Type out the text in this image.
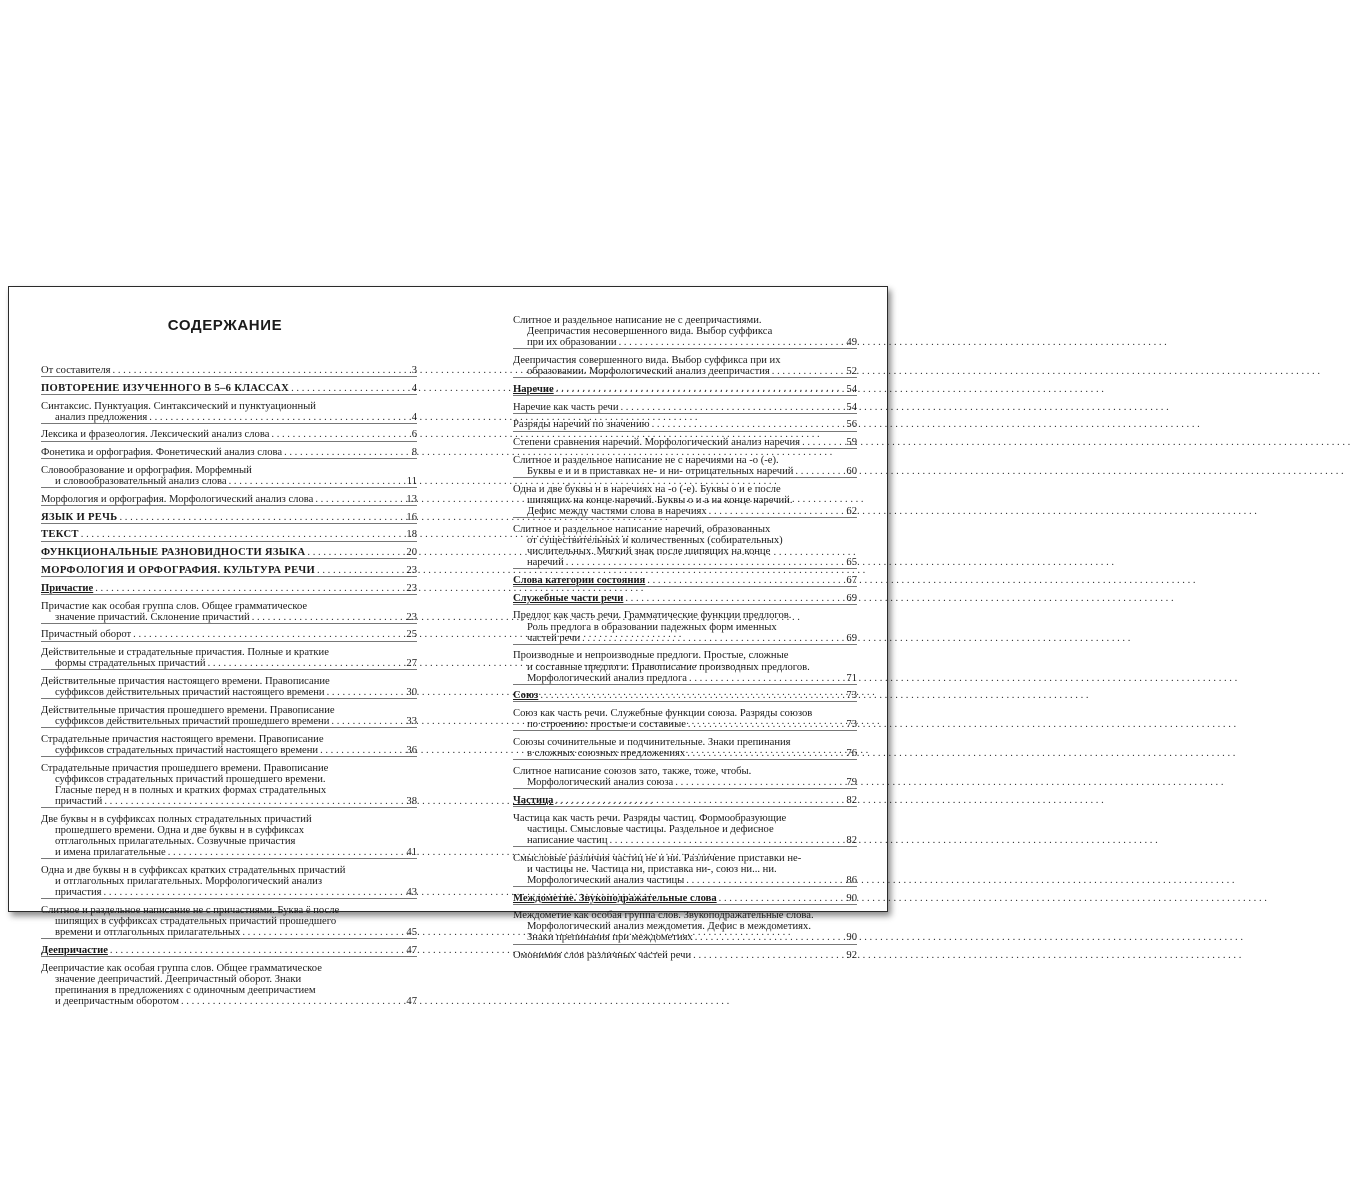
СОДЕРЖАНИЕ
От составителя . . .	3
ПОВТОРЕНИЕ ИЗУЧЕННОГО В 5–6 КЛАССАХ . . .	4
Синтаксис. Пунктуация. Синтаксический и пунктуационный
анализ предложения . . .	4
Лексика и фразеология. Лексический анализ слова . . .	6
Фонетика и орфография. Фонетический анализ слова . . .	8
Словообразование и орфография. Морфемный
и словообразовательный анализ слова . . .	11
Морфология и орфография. Морфологический анализ слова . . .	13
ЯЗЫК И РЕЧЬ . . .	16
ТЕКСТ . . .	18
ФУНКЦИОНАЛЬНЫЕ РАЗНОВИДНОСТИ ЯЗЫКА . . .	20
МОРФОЛОГИЯ И ОРФОГРАФИЯ. КУЛЬТУРА РЕЧИ . . .	23
Причастие . . .	23
Причастие как особая группа слов. Общее грамматическое
значение причастий. Склонение причастий . . .	23
Причастный оборот . . .	25
Действительные и страдательные причастия. Полные и краткие
формы страдательных причастий . . .	27
Действительные причастия настоящего времени. Правописание
суффиксов действительных причастий настоящего времени . . .	30
Действительные причастия прошедшего времени. Правописание
суффиксов действительных причастий прошедшего времени . . .	33
Страдательные причастия настоящего времени. Правописание
суффиксов страдательных причастий настоящего времени . . .	36
Страдательные причастия прошедшего времени. Правописание
суффиксов страдательных причастий прошедшего времени.
Гласные перед н в полных и кратких формах страдательных
причастий . . .	38
Две буквы н в суффиксах полных страдательных причастий
прошедшего времени. Одна и две буквы н в суффиксах
отглагольных прилагательных. Созвучные причастия
и имена прилагательные . . .	41
Одна и две буквы н в суффиксах кратких страдательных причастий
и отглагольных прилагательных. Морфологический анализ
причастия . . .	43
Слитное и раздельное написание не с причастиями. Буква ё после
шипящих в суффиксах страдательных причастий прошедшего
времени и отглагольных прилагательных . . .	45
Деепричастие . . .	47
Деепричастие как особая группа слов. Общее грамматическое
значение деепричастий. Деепричастный оборот. Знаки
препинания в предложениях с одиночным деепричастием
и деепричастным оборотом . . .	47
Слитное и раздельное написание не с деепричастиями.
Деепричастия несовершенного вида. Выбор суффикса
при их образовании . . .	49
Деепричастия совершенного вида. Выбор суффикса при их
образовании. Морфологический анализ деепричастия . . .	52
Наречие . . .	54
Наречие как часть речи . . .	54
Разряды наречий по значению . . .	56
Степени сравнения наречий. Морфологический анализ наречия . . .	59
Слитное и раздельное написание не с наречиями на -о (-е).
Буквы е и и в приставках не- и ни- отрицательных наречий . . .	60
Одна и две буквы н в наречиях на -о (-е). Буквы о и е после
шипящих на конце наречий. Буквы о и а на конце наречий.
Дефис между частями слова в наречиях . . .	62
Слитное и раздельное написание наречий, образованных
от существительных и количественных (собирательных)
числительных. Мягкий знак после шипящих на конце
наречий . . .	65
Слова категории состояния . . .	67
Служебные части речи . . .	69
Предлог как часть речи. Грамматические функции предлогов.
Роль предлога в образовании падежных форм именных
частей речи . . .	69
Производные и непроизводные предлоги. Простые, сложные
и составные предлоги. Правописание производных предлогов.
Морфологический анализ предлога . . .	71
Союз . . .	73
Союз как часть речи. Служебные функции союза. Разряды союзов
по строению: простые и составные . . .	73
Союзы сочинительные и подчинительные. Знаки препинания
в сложных союзных предложениях . . .	76
Слитное написание союзов зато, также, тоже, чтобы.
Морфологический анализ союза . . .	79
Частица . . .	82
Частица как часть речи. Разряды частиц. Формообразующие
частицы. Смысловые частицы. Раздельное и дефисное
написание частиц . . .	82
Смысловые различия частиц не и ни. Различение приставки не-
и частицы не. Частица ни, приставка ни-, союз ни... ни.
Морфологический анализ частицы . . .	86
Междометие. Звукоподражательные слова . . .	90
Междометие как особая группа слов. Звукоподражательные слова.
Морфологический анализ междометия. Дефис в междометиях.
Знаки препинания при междометиях . . .	90
Омонимия слов различных частей речи . . .	92
